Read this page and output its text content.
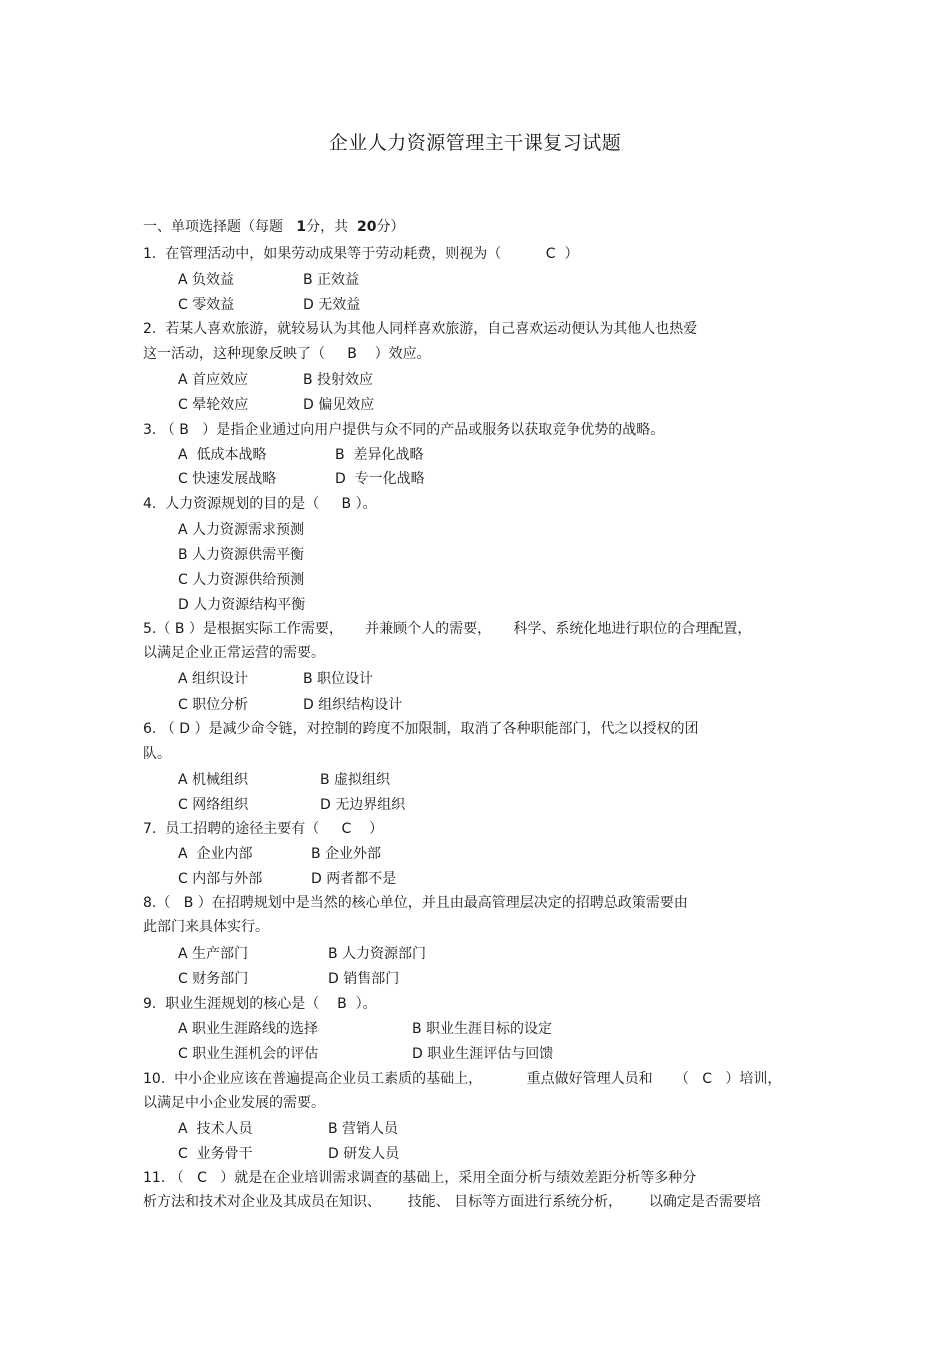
企业人力资源管理主干课复习试题
一、单项选择题（每题 1分，共 20分）
1.  在管理活动中，如果劳动成果等于劳动耗费，则视为（	C ）
A 负效益	B 正效益
C 零效益	D 无效益
2.  若某人喜欢旅游，就较易认为其他人同样喜欢旅游，自己喜欢运动便认为其他人也热爱
这一活动，这种现象反映了（ B ）效应。
A 首应效应	B 投射效应
C 晕轮效应	D 偏见效应
3. （ B ）是指企业通过向用户提供与众不同的产品或服务以获取竞争优势的战略。
A  低成本战略	B  差异化战略
C 快速发展战略	D  专一化战略
4.  人力资源规划的目的是（ B ）。
A 人力资源需求预测
B 人力资源供需平衡
C 人力资源供给预测
D 人力资源结构平衡
5.（ B ）是根据实际工作需要，     并兼顾个人的需要，     科学、系统化地进行职位的合理配置，
以满足企业正常运营的需要。
A 组织设计	B 职位设计
C 职位分析	D 组织结构设计
6. （ D ）是减少命令链，对控制的跨度不加限制，取消了各种职能部门，代之以授权的团
队。
A 机械组织	B 虚拟组织
C 网络组织	D 无边界组织
7.  员工招聘的途径主要有（ C ）
A  企业内部	B 企业外部
C 内部与外部	D 两者都不是
8.（ B ）在招聘规划中是当然的核心单位，并且由最高管理层决定的招聘总政策需要由
此部门来具体实行。
A 生产部门	B 人力资源部门
C 财务部门	D 销售部门
9.  职业生涯规划的核心是（ B ）。
A 职业生涯路线的选择	B 职业生涯目标的设定
C 职业生涯机会的评估	D 职业生涯评估与回馈
10.  中小企业应该在普遍提高企业员工素质的基础上，          重点做好管理人员和     （ C ）培训，
以满足中小企业发展的需要。
A  技术人员	B 营销人员
C  业务骨干	D 研发人员
11. （ C ）就是在企业培训需求调查的基础上，采用全面分析与绩效差距分析等多种分
析方法和技术对企业及其成员在知识、      技能、 目标等方面进行系统分析，      以确定是否需要培
